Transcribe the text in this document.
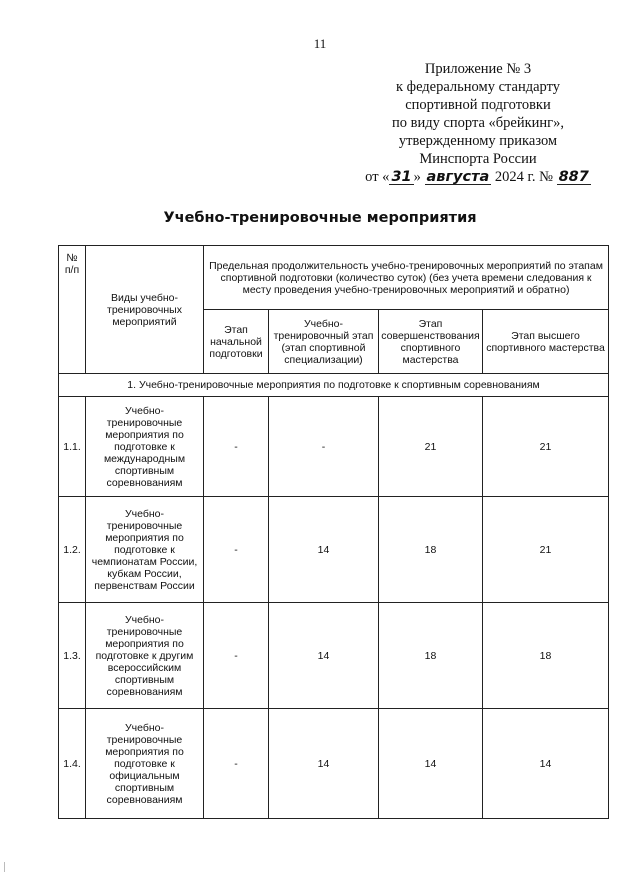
11
Приложение № 3
к федеральному стандарту
спортивной подготовки
по виду спорта «брейкинг»,
утвержденному приказом
Минспорта России
от « 31 » августа 2024 г. № 887
Учебно-тренировочные мероприятия
№ п/п	Виды учебно-тренировочных мероприятий	Предельная продолжительность учебно-тренировочных мероприятий по этапам спортивной подготовки (количество суток) (без учета времени следования к месту проведения учебно-тренировочных мероприятий и обратно)			
		Этап начальной подготовки	Учебно-тренировочный этап (этап спортивной специализации)	Этап совершенствования спортивного мастерства	Этап высшего спортивного мастерства
1. Учебно-тренировочные мероприятия по подготовке к спортивным соревнованиям					
1.1.	Учебно-тренировочные мероприятия по подготовке к международным спортивным соревнованиям	-	-	21	21
1.2.	Учебно-тренировочные мероприятия по подготовке к чемпионатам России, кубкам России, первенствам России	-	14	18	21
1.3.	Учебно-тренировочные мероприятия по подготовке к другим всероссийским спортивным соревнованиям	-	14	18	18
1.4.	Учебно-тренировочные мероприятия по подготовке к официальным спортивным соревнованиям	-	14	14	14
